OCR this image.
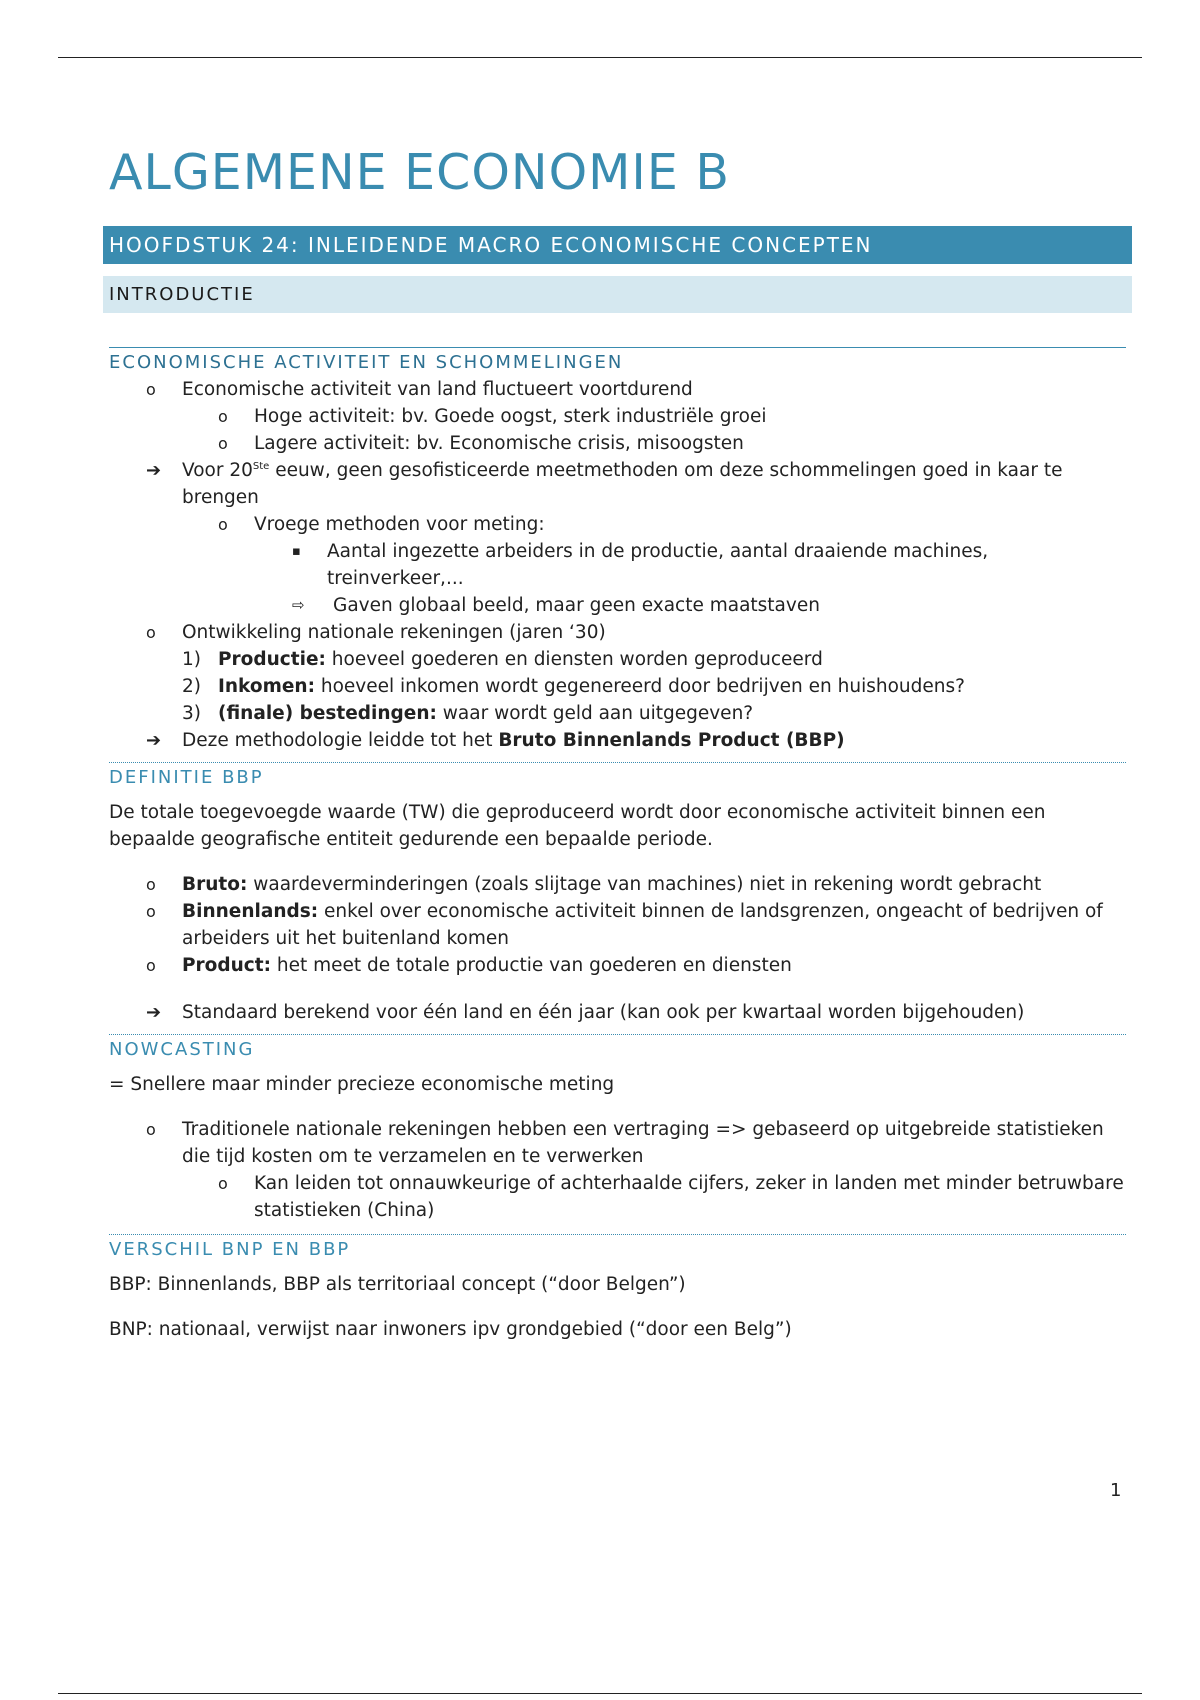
ALGEMENE ECONOMIE B
HOOFDSTUK 24: INLEIDENDE MACRO ECONOMISCHE CONCEPTEN
INTRODUCTIE
ECONOMISCHE ACTIVITEIT EN SCHOMMELINGEN
o Economische activiteit van land fluctueert voortdurend
o Hoge activiteit: bv. Goede oogst, sterk industriële groei
o Lagere activiteit: bv. Economische crisis, misoogsten
➔ Voor 20Ste eeuw, geen gesofisticeerde meetmethoden om deze schommelingen goed in kaar te brengen
o Vroege methoden voor meting:
▪ Aantal ingezette arbeiders in de productie, aantal draaiende machines, treinverkeer,...
⇨ Gaven globaal beeld, maar geen exacte maatstaven
o Ontwikkeling nationale rekeningen (jaren ‘30)
1) Productie: hoeveel goederen en diensten worden geproduceerd
2) Inkomen: hoeveel inkomen wordt gegenereerd door bedrijven en huishoudens?
3) (finale) bestedingen: waar wordt geld aan uitgegeven?
➔ Deze methodologie leidde tot het Bruto Binnenlands Product (BBP)
DEFINITIE BBP
De totale toegevoegde waarde (TW) die geproduceerd wordt door economische activiteit binnen een bepaalde geografische entiteit gedurende een bepaalde periode.
o Bruto: waardeverminderingen (zoals slijtage van machines) niet in rekening wordt gebracht
o Binnenlands: enkel over economische activiteit binnen de landsgrenzen, ongeacht of bedrijven of arbeiders uit het buitenland komen
o Product: het meet de totale productie van goederen en diensten
➔ Standaard berekend voor één land en één jaar (kan ook per kwartaal worden bijgehouden)
NOWCASTING
= Snellere maar minder precieze economische meting
o Traditionele nationale rekeningen hebben een vertraging => gebaseerd op uitgebreide statistieken die tijd kosten om te verzamelen en te verwerken
o Kan leiden tot onnauwkeurige of achterhaalde cijfers, zeker in landen met minder betruwbare statistieken (China)
VERSCHIL BNP EN BBP
BBP: Binnenlands, BBP als territoriaal concept (“door Belgen”)
BNP: nationaal, verwijst naar inwoners ipv grondgebied (“door een Belg”)
1
